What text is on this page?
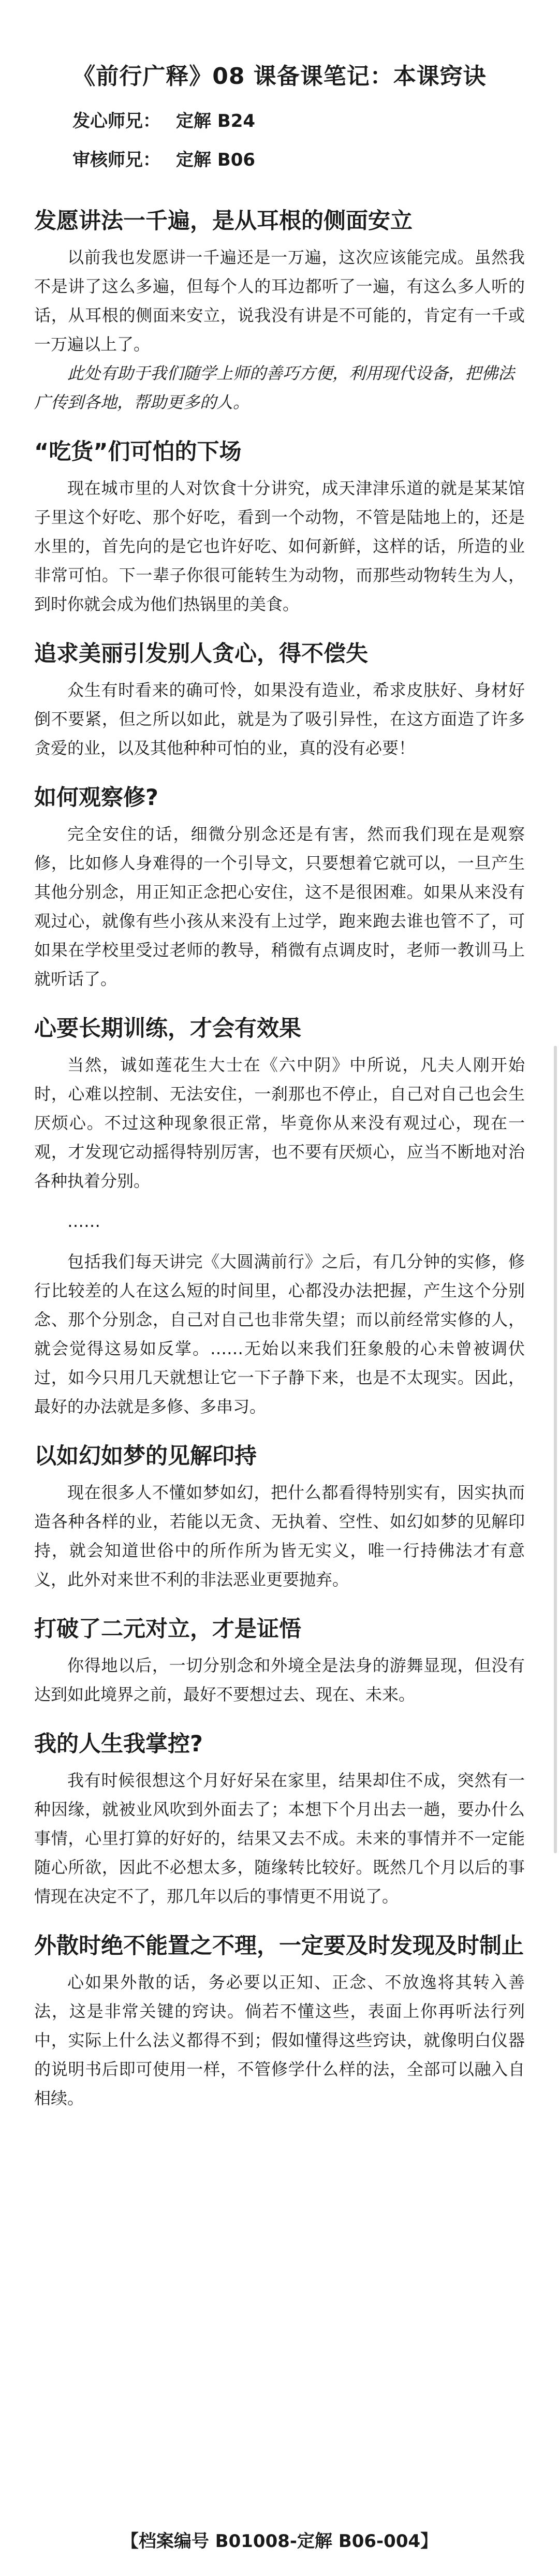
《前行广释》08 课备课笔记：本课窍诀
发心师兄： 定解 B24
审核师兄： 定解 B06
发愿讲法一千遍，是从耳根的侧面安立

以前我也发愿讲一千遍还是一万遍，这次应该能完成。虽然我不是讲了这么多遍，但每个人的耳边都听了一遍，有这么多人听的话，从耳根的侧面来安立，说我没有讲是不可能的，肯定有一千或一万遍以上了。

此处有助于我们随学上师的善巧方便，利用现代设备，把佛法广传到各地，帮助更多的人。

“吃货”们可怕的下场

现在城市里的人对饮食十分讲究，成天津津乐道的就是某某馆子里这个好吃、那个好吃，看到一个动物，不管是陆地上的，还是水里的，首先向的是它也许好吃、如何新鲜，这样的话，所造的业非常可怕。下一辈子你很可能转生为动物，而那些动物转生为人，到时你就会成为他们热锅里的美食。

追求美丽引发别人贪心，得不偿失

众生有时看来的确可怜，如果没有造业，希求皮肤好、身材好倒不要紧，但之所以如此，就是为了吸引异性，在这方面造了许多贪爱的业，以及其他种种可怕的业，真的没有必要！

如何观察修?

完全安住的话，细微分别念还是有害，然而我们现在是观察修，比如修人身难得的一个引导文，只要想着它就可以，一旦产生其他分别念，用正知正念把心安住，这不是很困难。如果从来没有观过心，就像有些小孩从来没有上过学，跑来跑去谁也管不了，可如果在学校里受过老师的教导，稍微有点调皮时，老师一教训马上就听话了。

心要长期训练，才会有效果

当然，诚如莲花生大士在《六中阴》中所说，凡夫人刚开始时，心难以控制、无法安住，一刹那也不停止，自己对自己也会生厌烦心。不过这种现象很正常，毕竟你从来没有观过心，现在一观，才发现它动摇得特别厉害，也不要有厌烦心，应当不断地对治各种执着分别。

……

包括我们每天讲完《大圆满前行》之后，有几分钟的实修，修行比较差的人在这么短的时间里，心都没办法把握，产生这个分别念、那个分别念，自己对自己也非常失望；而以前经常实修的人，就会觉得这易如反掌。……无始以来我们狂象般的心未曾被调伏过，如今只用几天就想让它一下子静下来，也是不太现实。因此，最好的办法就是多修、多串习。

以如幻如梦的见解印持

现在很多人不懂如梦如幻，把什么都看得特别实有，因实执而造各种各样的业，若能以无贪、无执着、空性、如幻如梦的见解印持，就会知道世俗中的所作所为皆无实义，唯一行持佛法才有意义，此外对来世不利的非法恶业更要抛弃。

打破了二元对立，才是证悟

你得地以后，一切分别念和外境全是法身的游舞显现，但没有达到如此境界之前，最好不要想过去、现在、未来。

我的人生我掌控?

我有时候很想这个月好好呆在家里，结果却住不成，突然有一种因缘，就被业风吹到外面去了；本想下个月出去一趟，要办什么事情，心里打算的好好的，结果又去不成。未来的事情并不一定能随心所欲，因此不必想太多，随缘转比较好。既然几个月以后的事情现在决定不了，那几年以后的事情更不用说了。

外散时绝不能置之不理，一定要及时发现及时制止

心如果外散的话，务必要以正知、正念、不放逸将其转入善法，这是非常关键的窍诀。倘若不懂这些，表面上你再听法行列中，实际上什么法义都得不到；假如懂得这些窍诀，就像明白仪器的说明书后即可使用一样，不管修学什么样的法，全部可以融入自相续。

【档案编号 B01008-定解 B06-004】
